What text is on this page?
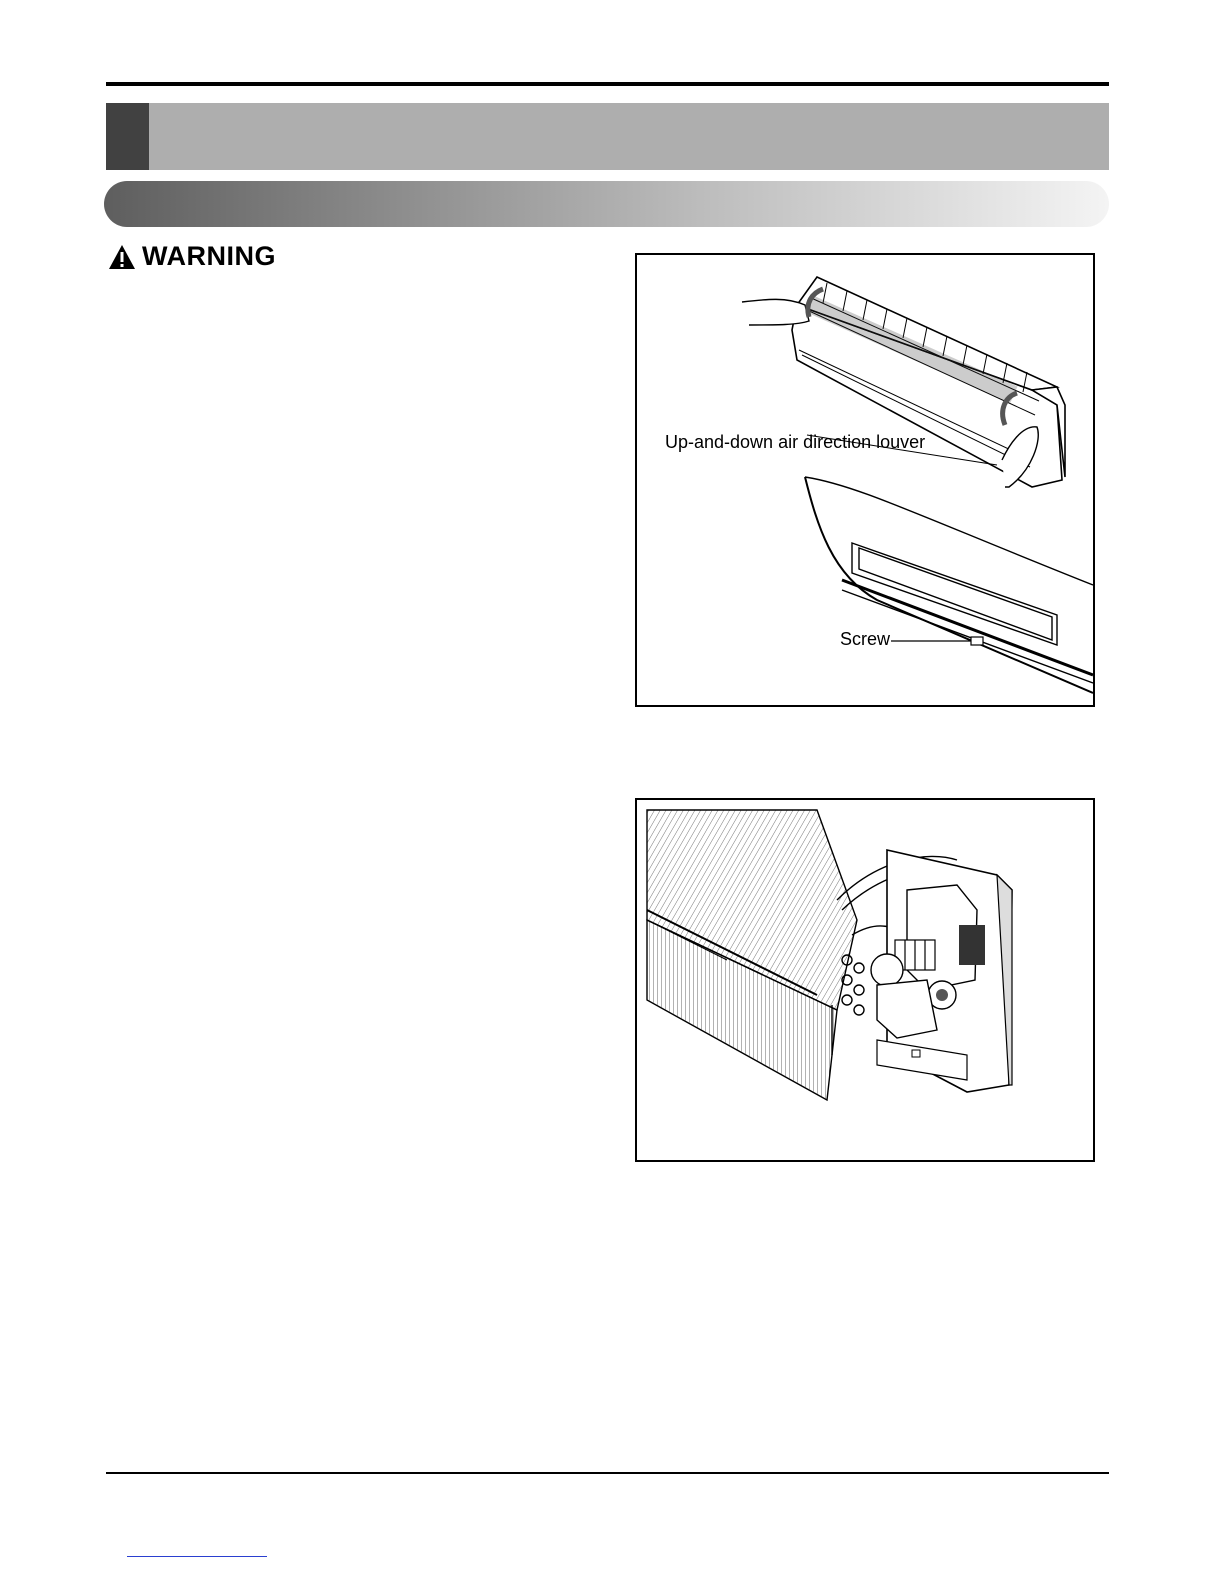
WARNING
Up-and-down air direction louver
Screw
